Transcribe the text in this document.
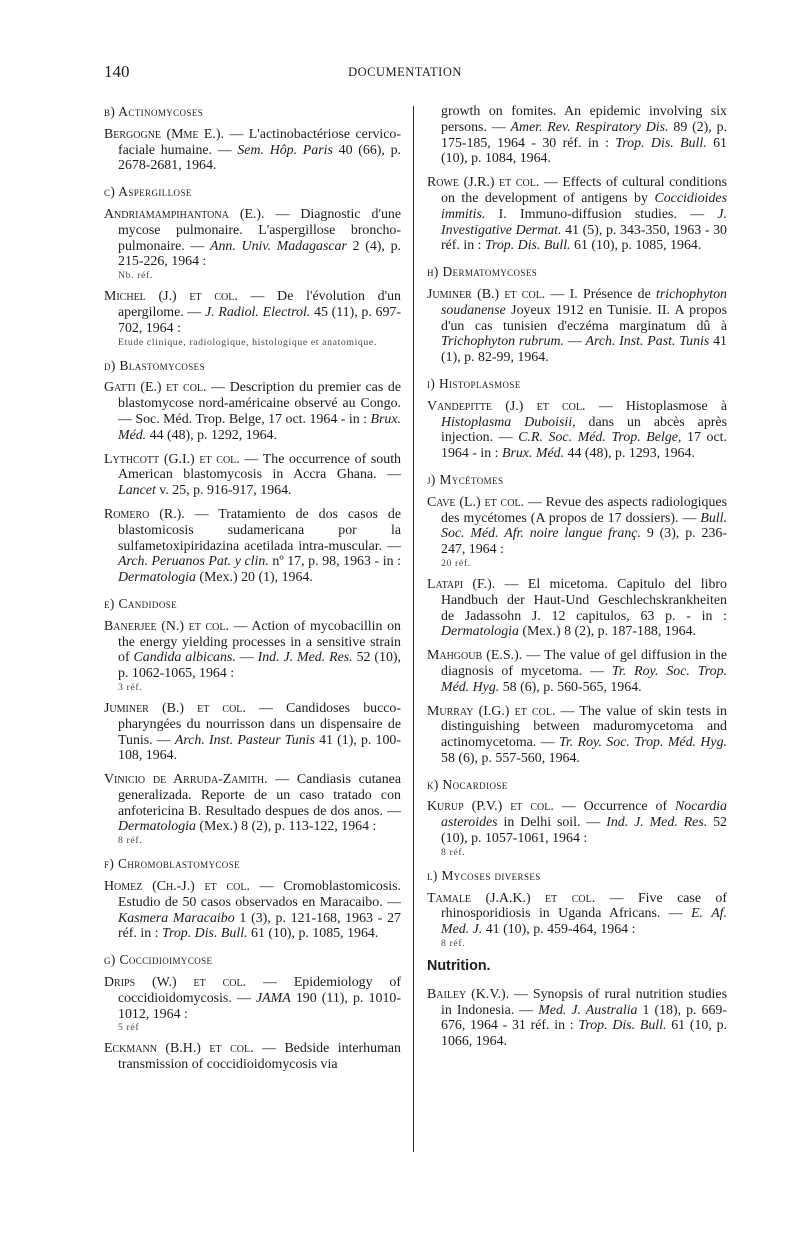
140	DOCUMENTATION
b) Actinomycoses

Bergogne (Mme E.). — L'actinobactériose cervico-faciale humaine. — Sem. Hôp. Paris 40 (66), p. 2678-2681, 1964.

c) Aspergillose

Andriamampihantona (E.). — Diagnostic d'une mycose pulmonaire. L'aspergillose broncho-pulmonaire. — Ann. Univ. Madagascar 2 (4), p. 215-226, 1964 :
Nb. réf.

Michel (J.) et col. — De l'évolution d'un apergilome. — J. Radiol. Electrol. 45 (11), p. 697-702, 1964 :
Etude clinique, radiologique, histologique et anatomique.

d) Blastomycoses

Gatti (E.) et col. — Description du premier cas de blastomycose nord-américaine observé au Congo. — Soc. Méd. Trop. Belge, 17 oct. 1964 - in : Brux. Méd. 44 (48), p. 1292, 1964.

Lythcott (G.I.) et col. — The occurrence of south American blastomycosis in Accra Ghana. — Lancet v. 25, p. 916-917, 1964.

Romero (R.). — Tratamiento de dos casos de blastomicosis sudamericana por la sulfametoxipiridazina acetilada intra-muscular. — Arch. Peruanos Pat. y clin. nº 17, p. 98, 1963 - in : Dermatologia (Mex.) 20 (1), 1964.

e) Candidose

Banerjee (N.) et col. — Action of mycobacillin on the energy yielding processes in a sensitive strain of Candida albicans. — Ind. J. Med. Res. 52 (10), p. 1062-1065, 1964 :
3 réf.

Juminer (B.) et col. — Candidoses bucco-pharyngées du nourrisson dans un dispensaire de Tunis. — Arch. Inst. Pasteur Tunis 41 (1), p. 100-108, 1964.

Vinicio de Arruda-Zamith. — Candiasis cutanea generalizada. Reporte de un caso tratado con anfotericina B. Resultado despues de dos anos. — Dermatologia (Mex.) 8 (2), p. 113-122, 1964 :
8 réf.

f) Chromoblastomycose

Homez (Ch.-J.) et col. — Cromoblastomicosis. Estudio de 50 casos observados en Maracaibo. — Kasmera Maracaibo 1 (3), p. 121-168, 1963 - 27 réf. in : Trop. Dis. Bull. 61 (10), p. 1085, 1964.

g) Coccidioimycose

Drips (W.) et col. — Epidemiology of coccidioidomycosis. — JAMA 190 (11), p. 1010-1012, 1964 :
5 réf

Eckmann (B.H.) et col. — Bedside interhuman transmission of coccidioidomycosis via

growth on fomites. An epidemic involving six persons. — Amer. Rev. Respiratory Dis. 89 (2), p. 175-185, 1964 - 30 réf. in : Trop. Dis. Bull. 61 (10), p. 1084, 1964.

Rowe (J.R.) et col. — Effects of cultural conditions on the development of antigens by Coccidioides immitis. I. Immuno-diffusion studies. — J. Investigative Dermat. 41 (5), p. 343-350, 1963 - 30 réf. in : Trop. Dis. Bull. 61 (10), p. 1085, 1964.

h) Dermatomycoses

Juminer (B.) et col. — I. Présence de trichophyton soudanense Joyeux 1912 en Tunisie. II. A propos d'un cas tunisien d'eczéma marginatum dû à Trichophyton rubrum. — Arch. Inst. Past. Tunis 41 (1), p. 82-99, 1964.

i) Histoplasmose

Vandepitte (J.) et col. — Histoplasmose à Histoplasma Duboisii, dans un abcès après injection. — C.R. Soc. Méd. Trop. Belge, 17 oct. 1964 - in : Brux. Méd. 44 (48), p. 1293, 1964.

j) Mycétomes

Cave (L.) et col. — Revue des aspects radiologiques des mycétomes (A propos de 17 dossiers). — Bull. Soc. Méd. Afr. noire langue franç. 9 (3), p. 236-247, 1964 :
20 réf.

Latapi (F.). — El micetoma. Capitulo del libro Handbuch der Haut-Und Geschlechskrankheiten de Jadassohn J. 12 capitulos, 63 p. - in : Dermatologia (Mex.) 8 (2), p. 187-188, 1964.

Mahgoub (E.S.). — The value of gel diffusion in the diagnosis of mycetoma. — Tr. Roy. Soc. Trop. Méd. Hyg. 58 (6), p. 560-565, 1964.

Murray (I.G.) et col. — The value of skin tests in distinguishing between maduromycetoma and actinomycetoma. — Tr. Roy. Soc. Trop. Méd. Hyg. 58 (6), p. 557-560, 1964.

k) Nocardiose

Kurup (P.V.) et col. — Occurrence of Nocardia asteroides in Delhi soil. — Ind. J. Med. Res. 52 (10), p. 1057-1061, 1964 :
8 réf.

l) Mycoses diverses

Tamale (J.A.K.) et col. — Five case of rhinosporidiosis in Uganda Africans. — E. Af. Med. J. 41 (10), p. 459-464, 1964 :
8 réf.

Nutrition.

Bailey (K.V.). — Synopsis of rural nutrition studies in Indonesia. — Med. J. Australia 1 (18), p. 669-676, 1964 - 31 réf. in : Trop. Dis. Bull. 61 (10, p. 1066, 1964.
